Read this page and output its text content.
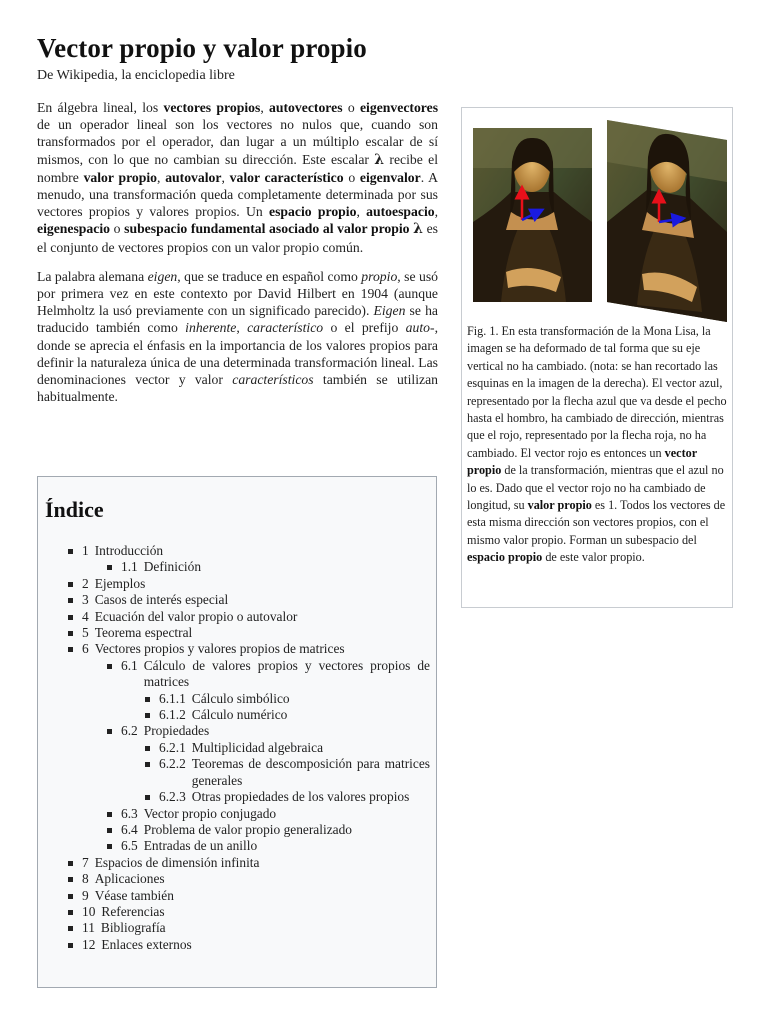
Vector propio y valor propio
De Wikipedia, la enciclopedia libre

En álgebra lineal, los vectores propios, autovectores o eigenvectores de un operador lineal son los vectores no nulos que, cuando son transformados por el operador, dan lugar a un múltiplo escalar de sí mismos, con lo que no cambian su dirección. Este escalar λ recibe el nombre valor propio, autovalor, valor característico o eigenvalor. A menudo, una transformación queda completamente determinada por sus vectores propios y valores propios. Un espacio propio, autoespacio, eigenespacio o subespacio fundamental asociado al valor propio λ es el conjunto de vectores propios con un valor propio común.

La palabra alemana eigen, que se traduce en español como propio, se usó por primera vez en este contexto por David Hilbert en 1904 (aunque Helmholtz la usó previamente con un significado parecido). Eigen se ha traducido también como inherente, característico o el prefijo auto-, donde se aprecia el énfasis en la importancia de los valores propios para definir la naturaleza única de una determinada transformación lineal. Las denominaciones vector y valor característicos también se utilizan habitualmente.

Índice
1 Introducción
1.1 Definición
2 Ejemplos
3 Casos de interés especial
4 Ecuación del valor propio o autovalor
5 Teorema espectral
6 Vectores propios y valores propios de matrices
6.1 Cálculo de valores propios y vectores propios de matrices
6.1.1 Cálculo simbólico
6.1.2 Cálculo numérico
6.2 Propiedades
6.2.1 Multiplicidad algebraica
6.2.2 Teoremas de descomposición para matrices generales
6.2.3 Otras propiedades de los valores propios
6.3 Vector propio conjugado
6.4 Problema de valor propio generalizado
6.5 Entradas de un anillo
7 Espacios de dimensión infinita
8 Aplicaciones
9 Véase también
10 Referencias
11 Bibliografía
12 Enlaces externos
Fig. 1. En esta transformación de la Mona Lisa, la imagen se ha deformado de tal forma que su eje vertical no ha cambiado. (nota: se han recortado las esquinas en la imagen de la derecha). El vector azul, representado por la flecha azul que va desde el pecho hasta el hombro, ha cambiado de dirección, mientras que el rojo, representado por la flecha roja, no ha cambiado. El vector rojo es entonces un vector propio de la transformación, mientras que el azul no lo es. Dado que el vector rojo no ha cambiado de longitud, su valor propio es 1. Todos los vectores de esta misma dirección son vectores propios, con el mismo valor propio. Forman un subespacio del espacio propio de este valor propio.
